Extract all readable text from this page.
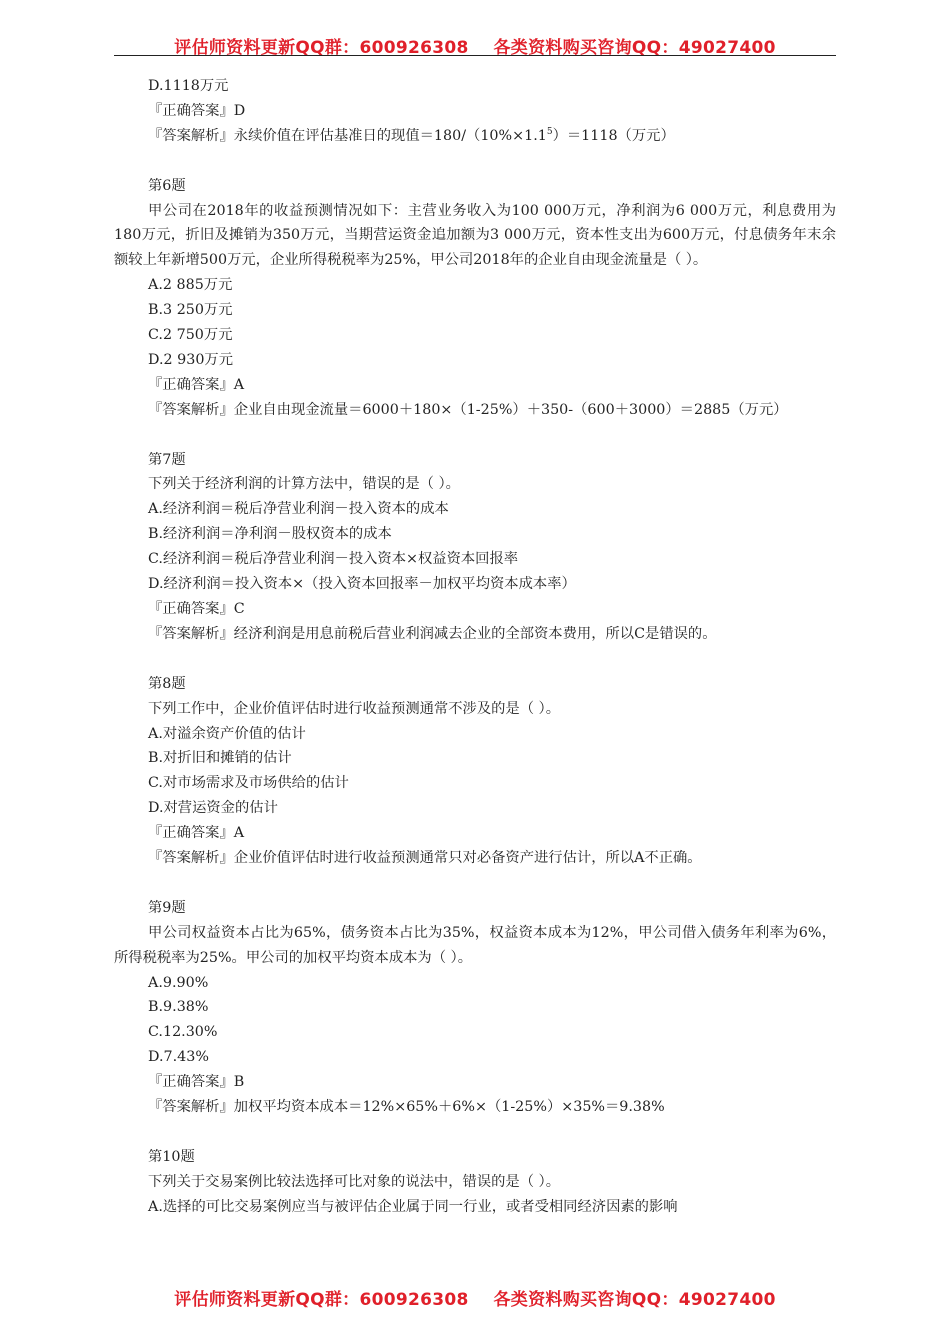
评估师资料更新QQ群：600926308    各类资料购买咨询QQ：49027400
D.1118万元
『正确答案』D
『答案解析』永续价值在评估基准日的现值$=180/(10\%\times 1.1^5)=1118$（万元）
第6题
甲公司在2018年的收益预测情况如下：主营业务收入为100 000万元，净利润为6 000万元，利息费用为180万元，折旧及摊销为350万元，当期营运资金追加额为3 000万元，资本性支出为600万元，付息债务年末余额较上年新增500万元，企业所得税税率为25%，甲公司2018年的企业自由现金流量是（ ）。
A.2 885万元
B.3 250万元
C.2 750万元
D.2 930万元
『正确答案』A
『答案解析』企业自由现金流量＝6000＋180×（1-25%）＋350-（600＋3000）＝2885（万元）
第7题
下列关于经济利润的计算方法中，错误的是（ ）。
A.经济利润＝税后净营业利润－投入资本的成本
B.经济利润＝净利润－股权资本的成本
C.经济利润＝税后净营业利润－投入资本×权益资本回报率
D.经济利润＝投入资本×（投入资本回报率－加权平均资本成本率）
『正确答案』C
『答案解析』经济利润是用息前税后营业利润减去企业的全部资本费用，所以C是错误的。
第8题
下列工作中，企业价值评估时进行收益预测通常不涉及的是（ ）。
A.对溢余资产价值的估计
B.对折旧和摊销的估计
C.对市场需求及市场供给的估计
D.对营运资金的估计
『正确答案』A
『答案解析』企业价值评估时进行收益预测通常只对必备资产进行估计，所以A不正确。
第9题
甲公司权益资本占比为65%，债务资本占比为35%，权益资本成本为12%，甲公司借入债务年利率为6%，所得税税率为25%。甲公司的加权平均资本成本为（ ）。
A.9.90%
B.9.38%
C.12.30%
D.7.43%
『正确答案』B
『答案解析』加权平均资本成本＝12%×65%＋6%×（1-25%）×35%＝9.38%
第10题
下列关于交易案例比较法选择可比对象的说法中，错误的是（ ）。
A.选择的可比交易案例应当与被评估企业属于同一行业，或者受相同经济因素的影响
评估师资料更新QQ群：600926308    各类资料购买咨询QQ：49027400
